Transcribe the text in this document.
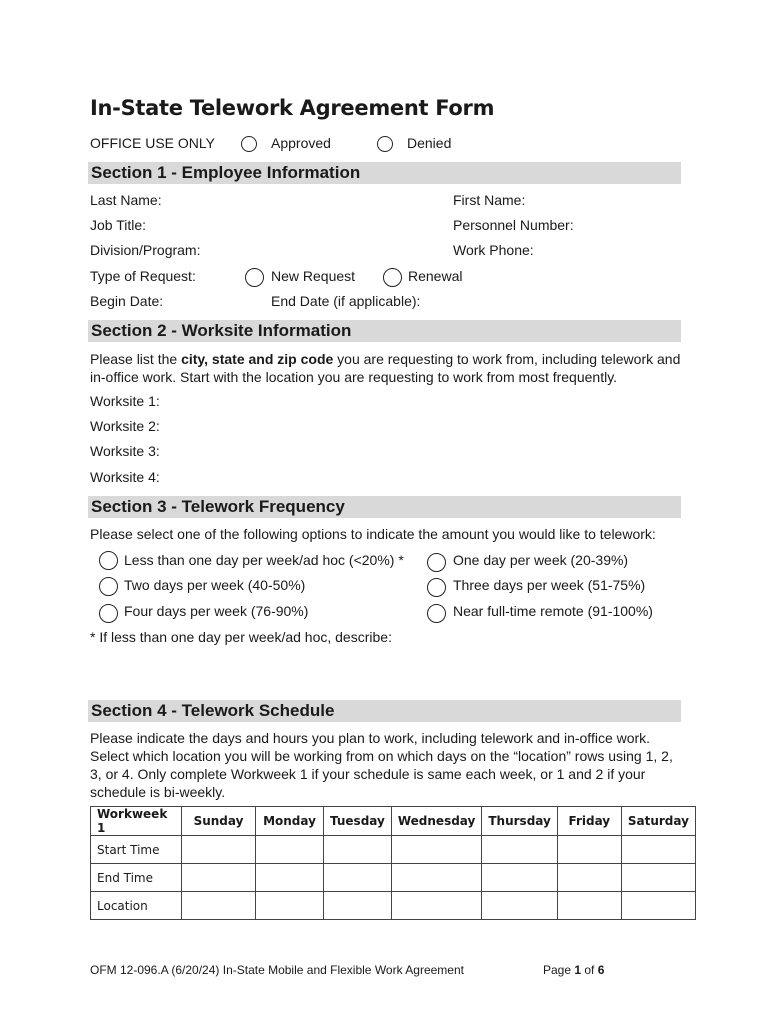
In-State Telework Agreement Form
OFFICE USE ONLY	Approved	Denied
Section 1 - Employee Information
Last Name:	First Name:
Job Title:	Personnel Number:
Division/Program:	Work Phone:
Type of Request:	New Request	Renewal
Begin Date:	End Date (if applicable):
Section 2 - Worksite Information
Please list the city, state and zip code you are requesting to work from, including telework and in-office work. Start with the location you are requesting to work from most frequently.
Worksite 1:
Worksite 2:
Worksite 3:
Worksite 4:
Section 3 - Telework Frequency
Please select one of the following options to indicate the amount you would like to telework:
Less than one day per week/ad hoc (<20%) *	One day per week (20-39%)
Two days per week (40-50%)	Three days per week (51-75%)
Four days per week (76-90%)	Near full-time remote (91-100%)
* If less than one day per week/ad hoc, describe:
Section 4 - Telework Schedule
Please indicate the days and hours you plan to work, including telework and in-office work. Select which location you will be working from on which days on the “location” rows using 1, 2, 3, or 4. Only complete Workweek 1 if your schedule is same each week, or 1 and 2 if your schedule is bi-weekly.
Workweek 1	Sunday	Monday	Tuesday	Wednesday	Thursday	Friday	Saturday
Start Time							
End Time							
Location							
OFM 12-096.A (6/20/24) In-State Mobile and Flexible Work Agreement	Page 1 of 6
